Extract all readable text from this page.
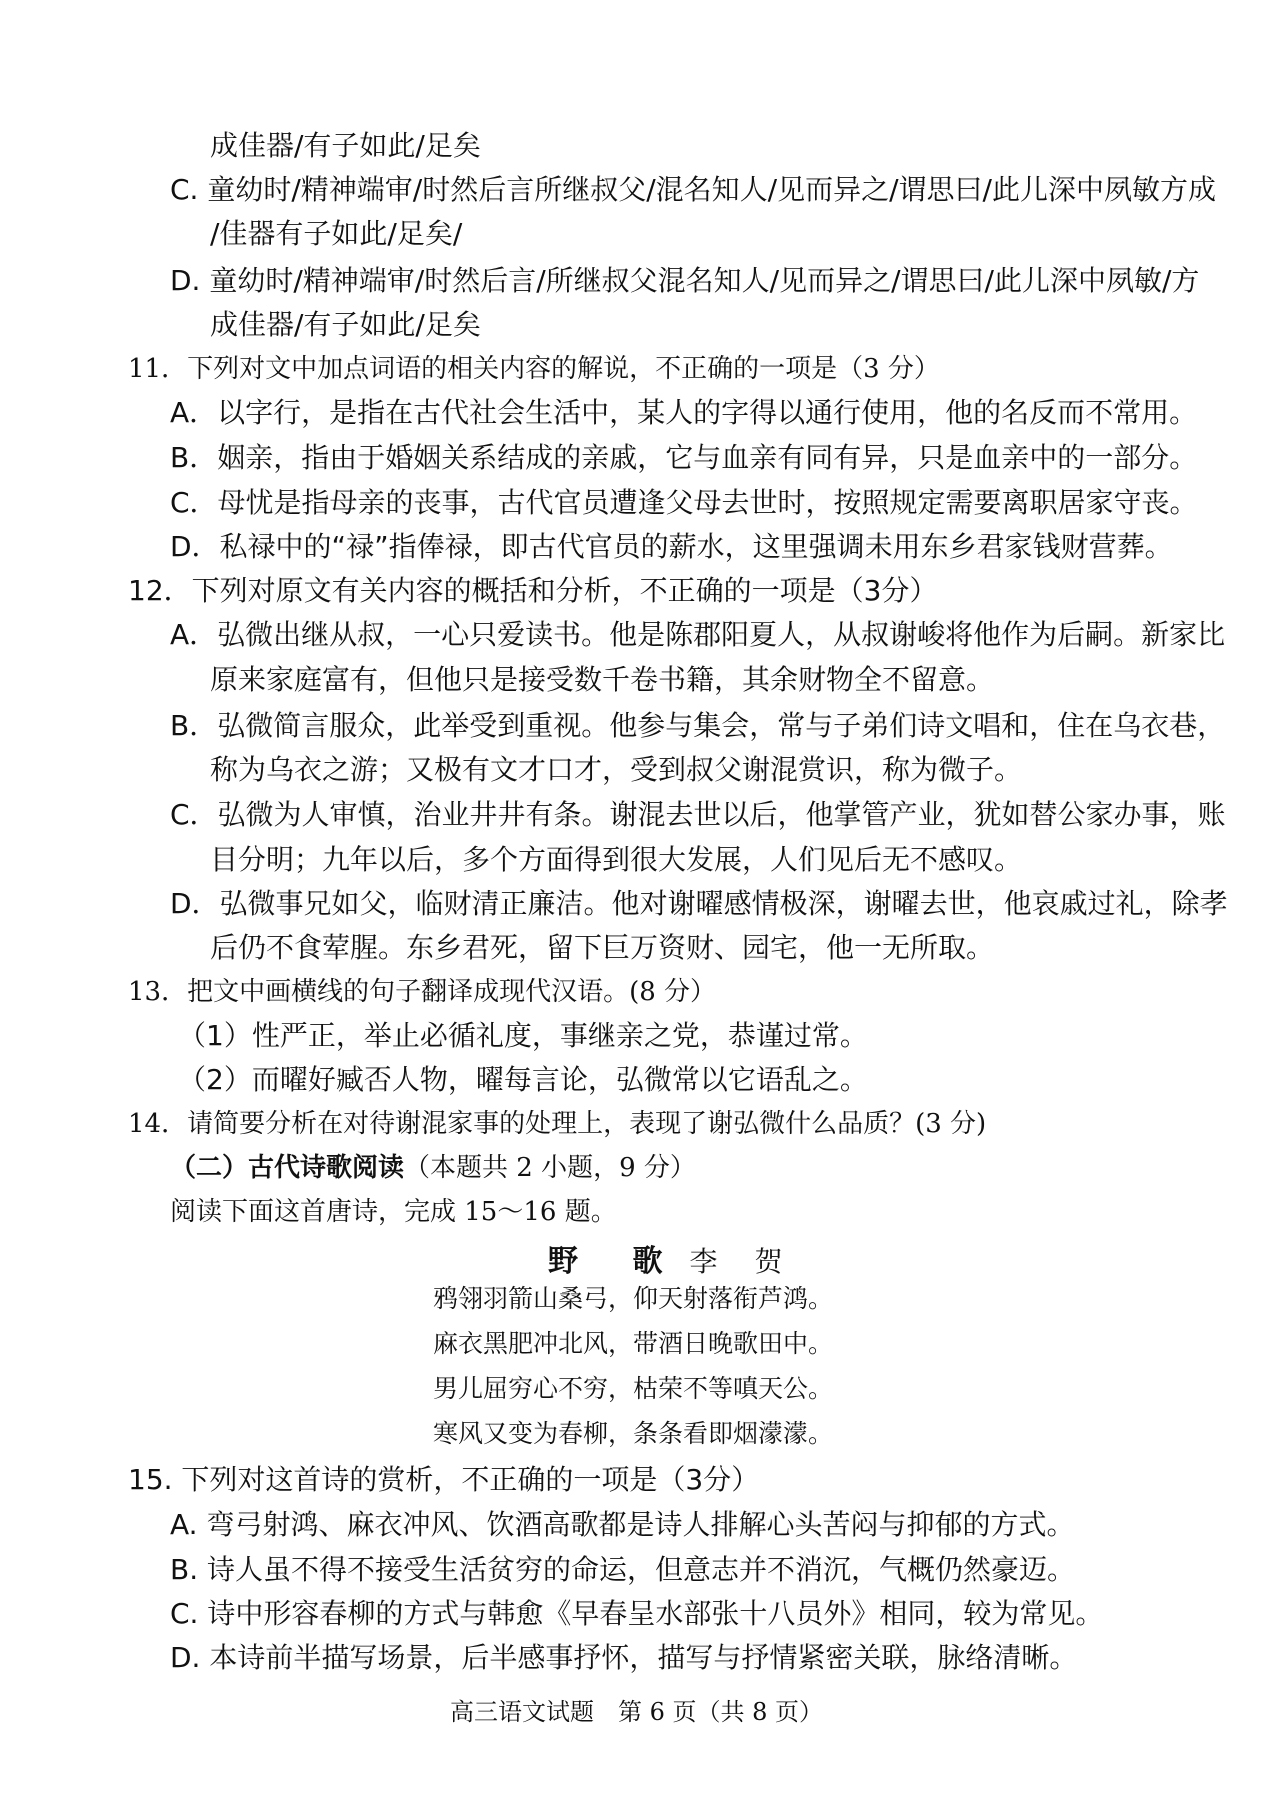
成佳器/有子如此/足矣
C. 童幼时/精神端审/时然后言所继叔父/混名知人/见而异之/谓思曰/此儿深中夙敏方成
/佳器有子如此/足矣/
D. 童幼时/精神端审/时然后言/所继叔父混名知人/见而异之/谓思曰/此儿深中夙敏/方
成佳器/有子如此/足矣
11．下列对文中加点词语的相关内容的解说，不正确的一项是（3 分）
A．以字行，是指在古代社会生活中，某人的字得以通行使用，他的名反而不常用。
B．姻亲，指由于婚姻关系结成的亲戚，它与血亲有同有异，只是血亲中的一部分。
C．母忧是指母亲的丧事，古代官员遭逢父母去世时，按照规定需要离职居家守丧。
D．私禄中的“禄”指俸禄，即古代官员的薪水，这里强调未用东乡君家钱财营葬。
12．下列对原文有关内容的概括和分析，不正确的一项是（3分）
A．弘微出继从叔，一心只爱读书。他是陈郡阳夏人，从叔谢峻将他作为后嗣。新家比
原来家庭富有，但他只是接受数千卷书籍，其余财物全不留意。
B．弘微简言服众，此举受到重视。他参与集会，常与子弟们诗文唱和，住在乌衣巷，
称为乌衣之游；又极有文才口才，受到叔父谢混赏识，称为微子。
C．弘微为人审慎，治业井井有条。谢混去世以后，他掌管产业，犹如替公家办事，账
目分明；九年以后，多个方面得到很大发展，人们见后无不感叹。
D．弘微事兄如父，临财清正廉洁。他对谢曜感情极深，谢曜去世，他哀戚过礼，除孝
后仍不食荤腥。东乡君死，留下巨万资财、园宅，他一无所取。
13．把文中画横线的句子翻译成现代汉语。(8 分）
（1）性严正，举止必循礼度，事继亲之党，恭谨过常。
（2）而曜好臧否人物，曜每言论，弘微常以它语乱之。
14．请简要分析在对待谢混家事的处理上，表现了谢弘微什么品质？(3 分)
（二）古代诗歌阅读（本题共 2 小题，9 分）
阅读下面这首唐诗，完成 15～16 题。
野 歌 李 贺
鸦翎羽箭山桑弓，仰天射落衔芦鸿。
麻衣黑肥冲北风，带酒日晚歌田中。
男儿屈穷心不穷，枯荣不等嗔天公。
寒风又变为春柳，条条看即烟濛濛。
15. 下列对这首诗的赏析，不正确的一项是（3分）
A. 弯弓射鸿、麻衣冲风、饮酒高歌都是诗人排解心头苦闷与抑郁的方式。
B. 诗人虽不得不接受生活贫穷的命运，但意志并不消沉，气概仍然豪迈。
C. 诗中形容春柳的方式与韩愈《早春呈水部张十八员外》相同，较为常见。
D. 本诗前半描写场景，后半感事抒怀，描写与抒情紧密关联，脉络清晰。
高三语文试题　第 6 页（共 8 页）
